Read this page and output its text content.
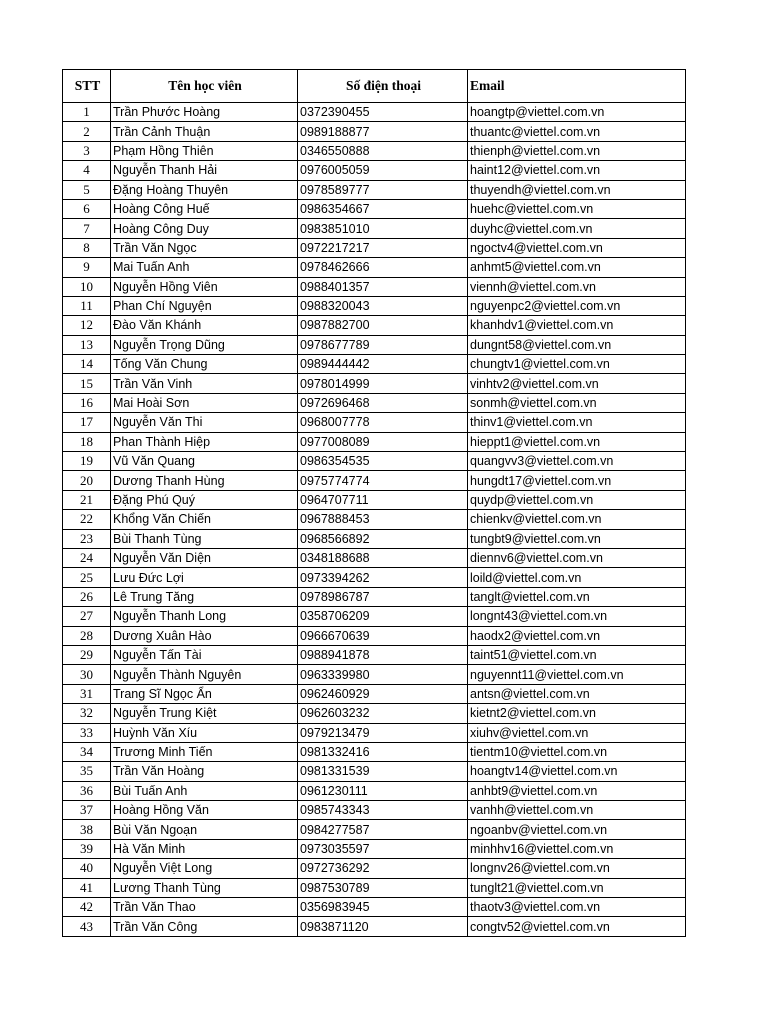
STT	Tên học viên	Số điện thoại	Email
1	Trần Phước Hoàng	0372390455	hoangtp@viettel.com.vn
2	Trần Cảnh Thuận	0989188877	thuantc@viettel.com.vn
3	Phạm Hồng Thiên	0346550888	thienph@viettel.com.vn
4	Nguyễn Thanh Hải	0976005059	haint12@viettel.com.vn
5	Đặng Hoàng Thuyên	0978589777	thuyendh@viettel.com.vn
6	Hoàng Công Huế	0986354667	huehc@viettel.com.vn
7	Hoàng Công Duy	0983851010	duyhc@viettel.com.vn
8	Trần Văn Ngọc	0972217217	ngoctv4@viettel.com.vn
9	Mai Tuấn Anh	0978462666	anhmt5@viettel.com.vn
10	Nguyễn Hồng Viên	0988401357	viennh@viettel.com.vn
11	Phan Chí Nguyện	0988320043	nguyenpc2@viettel.com.vn
12	Đào Văn Khánh	0987882700	khanhdv1@viettel.com.vn
13	Nguyễn Trọng Dũng	0978677789	dungnt58@viettel.com.vn
14	Tống Văn Chung	0989444442	chungtv1@viettel.com.vn
15	Trần Văn Vinh	0978014999	vinhtv2@viettel.com.vn
16	Mai Hoài Sơn	0972696468	sonmh@viettel.com.vn
17	Nguyễn Văn Thi	0968007778	thinv1@viettel.com.vn
18	Phan Thành Hiệp	0977008089	hieppt1@viettel.com.vn
19	Vũ Văn Quang	0986354535	quangvv3@viettel.com.vn
20	Dương Thanh Hùng	0975774774	hungdt17@viettel.com.vn
21	Đặng Phú Quý	0964707711	quydp@viettel.com.vn
22	Khổng Văn Chiến	0967888453	chienkv@viettel.com.vn
23	Bùi Thanh Tùng	0968566892	tungbt9@viettel.com.vn
24	Nguyễn Văn Diện	0348188688	diennv6@viettel.com.vn
25	Lưu Đức Lợi	0973394262	loild@viettel.com.vn
26	Lê Trung Tăng	0978986787	tanglt@viettel.com.vn
27	Nguyễn Thanh Long	0358706209	longnt43@viettel.com.vn
28	Dương Xuân Hào	0966670639	haodx2@viettel.com.vn
29	Nguyễn Tấn Tài	0988941878	taint51@viettel.com.vn
30	Nguyễn Thành Nguyên	0963339980	nguyennt11@viettel.com.vn
31	Trang Sĩ Ngọc Ẩn	0962460929	antsn@viettel.com.vn
32	Nguyễn Trung Kiệt	0962603232	kietnt2@viettel.com.vn
33	Huỳnh Văn Xíu	0979213479	xiuhv@viettel.com.vn
34	Trương Minh Tiến	0981332416	tientm10@viettel.com.vn
35	Trần Văn Hoàng	0981331539	hoangtv14@viettel.com.vn
36	Bùi Tuấn Anh	0961230111	anhbt9@viettel.com.vn
37	Hoàng Hồng Văn	0985743343	vanhh@viettel.com.vn
38	Bùi Văn Ngoạn	0984277587	ngoanbv@viettel.com.vn
39	Hà Văn Minh	0973035597	minhhv16@viettel.com.vn
40	Nguyễn Việt Long	0972736292	longnv26@viettel.com.vn
41	Lương Thanh Tùng	0987530789	tunglt21@viettel.com.vn
42	Trần Văn Thao	0356983945	thaotv3@viettel.com.vn
43	Trần Văn Công	0983871120	congtv52@viettel.com.vn
